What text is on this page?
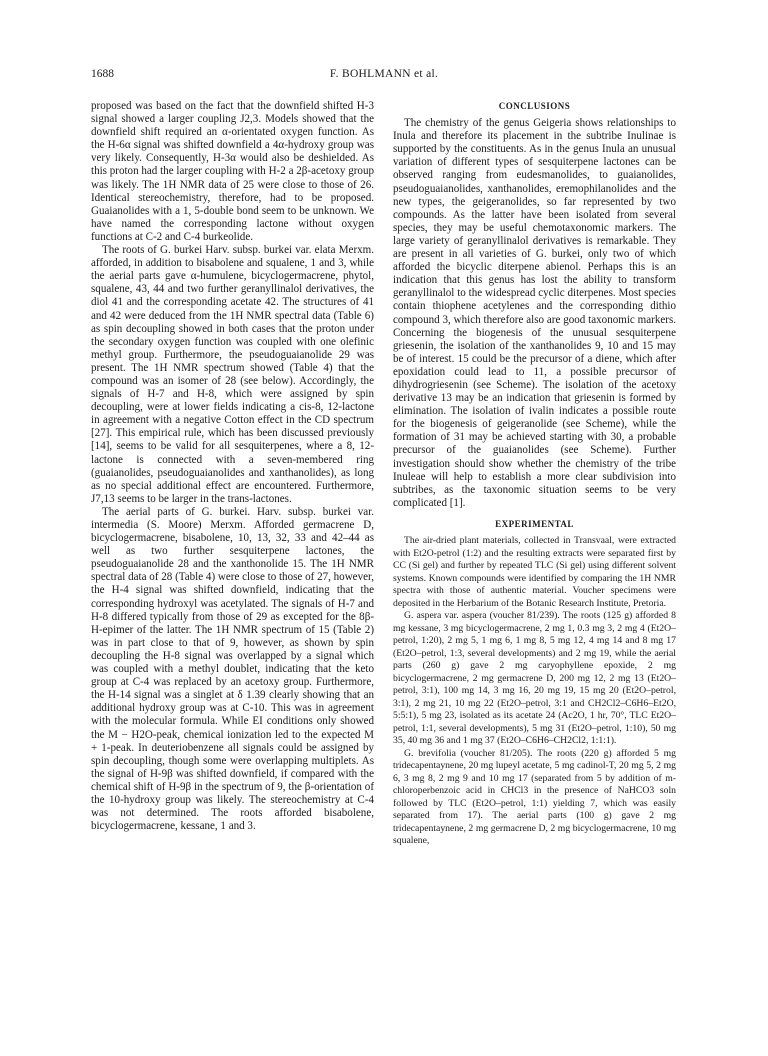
1688	F. BOHLMANN et al.

proposed was based on the fact that the downfield shifted H-3 signal showed a larger coupling J2,3. Models showed that the downfield shift required an α-orientated oxygen function. As the H-6α signal was shifted downfield a 4α-hydroxy group was very likely. Consequently, H-3α would also be deshielded. As this proton had the larger coupling with H-2 a 2β-acetoxy group was likely. The 1H NMR data of 25 were close to those of 26. Identical stereochemistry, therefore, had to be proposed. Guaianolides with a 1, 5-double bond seem to be unknown. We have named the corresponding lactone without oxygen functions at C-2 and C-4 burkeolide.

The roots of G. burkei Harv. subsp. burkei var. elata Merxm. afforded, in addition to bisabolene and squalene, 1 and 3, while the aerial parts gave α-humulene, bicyclogermacrene, phytol, squalene, 43, 44 and two further geranyllinalol derivatives, the diol 41 and the corresponding acetate 42. The structures of 41 and 42 were deduced from the 1H NMR spectral data (Table 6) as spin decoupling showed in both cases that the proton under the secondary oxygen function was coupled with one olefinic methyl group. Furthermore, the pseudoguaianolide 29 was present. The 1H NMR spectrum showed (Table 4) that the compound was an isomer of 28 (see below). Accordingly, the signals of H-7 and H-8, which were assigned by spin decoupling, were at lower fields indicating a cis-8, 12-lactone in agreement with a negative Cotton effect in the CD spectrum [27]. This empirical rule, which has been discussed previously [14], seems to be valid for all sesquiterpenes, where a 8, 12-lactone is connected with a seven-membered ring (guaianolides, pseudoguaianolides and xanthanolides), as long as no special additional effect are encountered. Furthermore, J7,13 seems to be larger in the trans-lactones.

The aerial parts of G. burkei. Harv. subsp. burkei var. intermedia (S. Moore) Merxm. Afforded germacrene D, bicyclogermacrene, bisabolene, 10, 13, 32, 33 and 42–44 as well as two further sesquiterpene lactones, the pseudoguaianolide 28 and the xanthonolide 15. The 1H NMR spectral data of 28 (Table 4) were close to those of 27, however, the H-4 signal was shifted downfield, indicating that the corresponding hydroxyl was acetylated. The signals of H-7 and H-8 differed typically from those of 29 as excepted for the 8β-H-epimer of the latter. The 1H NMR spectrum of 15 (Table 2) was in part close to that of 9, however, as shown by spin decoupling the H-8 signal was overlapped by a signal which was coupled with a methyl doublet, indicating that the keto group at C-4 was replaced by an acetoxy group. Furthermore, the H-14 signal was a singlet at δ 1.39 clearly showing that an additional hydroxy group was at C-10. This was in agreement with the molecular formula. While EI conditions only showed the M − H2O-peak, chemical ionization led to the expected M + 1-peak. In deuteriobenzene all signals could be assigned by spin decoupling, though some were overlapping multiplets. As the signal of H-9β was shifted downfield, if compared with the chemical shift of H-9β in the spectrum of 9, the β-orientation of the 10-hydroxy group was likely. The stereochemistry at C-4 was not determined. The roots afforded bisabolene, bicyclogermacrene, kessane, 1 and 3.

CONCLUSIONS

The chemistry of the genus Geigeria shows relationships to Inula and therefore its placement in the subtribe Inulinae is supported by the constituents. As in the genus Inula an unusual variation of different types of sesquiterpene lactones can be observed ranging from eudesmanolides, to guaianolides, pseudoguaianolides, xanthanolides, eremophilanolides and the new types, the geigeranolides, so far represented by two compounds. As the latter have been isolated from several species, they may be useful chemotaxonomic markers. The large variety of geranyllinalol derivatives is remarkable. They are present in all varieties of G. burkei, only two of which afforded the bicyclic diterpene abienol. Perhaps this is an indication that this genus has lost the ability to transform geranyllinalol to the widespread cyclic diterpenes. Most species contain thiophene acetylenes and the corresponding dithio compound 3, which therefore also are good taxonomic markers. Concerning the biogenesis of the unusual sesquiterpene griesenin, the isolation of the xanthanolides 9, 10 and 15 may be of interest. 15 could be the precursor of a diene, which after epoxidation could lead to 11, a possible precursor of dihydrogriesenin (see Scheme). The isolation of the acetoxy derivative 13 may be an indication that griesenin is formed by elimination. The isolation of ivalin indicates a possible route for the biogenesis of geigeranolide (see Scheme), while the formation of 31 may be achieved starting with 30, a probable precursor of the guaianolides (see Scheme). Further investigation should show whether the chemistry of the tribe Inuleae will help to establish a more clear subdivision into subtribes, as the taxonomic situation seems to be very complicated [1].

EXPERIMENTAL

The air-dried plant materials, collected in Transvaal, were extracted with Et2O-petrol (1:2) and the resulting extracts were separated first by CC (Si gel) and further by repeated TLC (Si gel) using different solvent systems. Known compounds were identified by comparing the 1H NMR spectra with those of authentic material. Voucher specimens were deposited in the Herbarium of the Botanic Research Institute, Pretoria.

G. aspera var. aspera (voucher 81/239). The roots (125 g) afforded 8 mg kessane, 3 mg bicyclogermacrene, 2 mg 1, 0.3 mg 3, 2 mg 4 (Et2O–petrol, 1:20), 2 mg 5, 1 mg 6, 1 mg 8, 5 mg 12, 4 mg 14 and 8 mg 17 (Et2O–petrol, 1:3, several developments) and 2 mg 19, while the aerial parts (260 g) gave 2 mg caryophyllene epoxide, 2 mg bicyclogermacrene, 2 mg germacrene D, 200 mg 12, 2 mg 13 (Et2O–petrol, 3:1), 100 mg 14, 3 mg 16, 20 mg 19, 15 mg 20 (Et2O–petrol, 3:1), 2 mg 21, 10 mg 22 (Et2O–petrol, 3:1 and CH2Cl2–C6H6–Et2O, 5:5:1), 5 mg 23, isolated as its acetate 24 (Ac2O, 1 hr, 70°, TLC Et2O–petrol, 1:1, several developments), 5 mg 31 (Et2O–petrol, 1:10), 50 mg 35, 40 mg 36 and 1 mg 37 (Et2O–C6H6–CH2Cl2, 1:1:1).

G. brevifolia (voucher 81/205). The roots (220 g) afforded 5 mg tridecapentaynene, 20 mg lupeyl acetate, 5 mg cadinol-T, 20 mg 5, 2 mg 6, 3 mg 8, 2 mg 9 and 10 mg 17 (separated from 5 by addition of m-chloroperbenzoic acid in CHCl3 in the presence of NaHCO3 soln followed by TLC (Et2O–petrol, 1:1) yielding 7, which was easily separated from 17). The aerial parts (100 g) gave 2 mg tridecapentaynene, 2 mg germacrene D, 2 mg bicyclogermacrene, 10 mg squalene,
